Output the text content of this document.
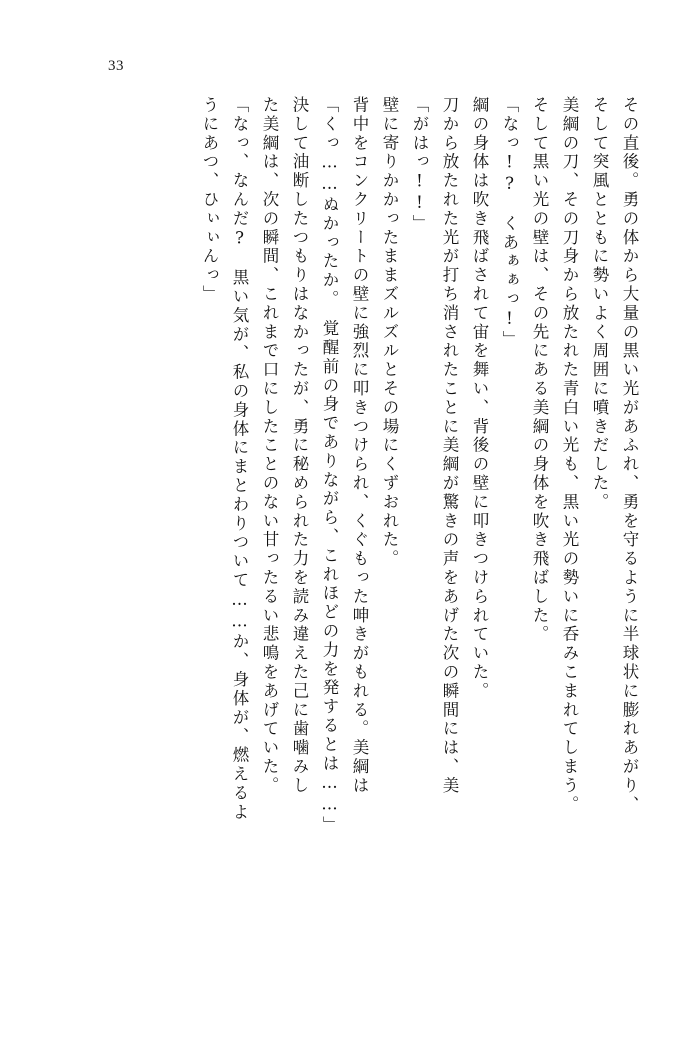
33
その直後。勇の体から大量の黒い光があふれ、勇を守るように半球状に膨れあがり、
そして突風とともに勢いよく周囲に噴きだした。
美綱の刀、その刀身から放たれた青白い光も、黒い光の勢いに呑みこまれてしまう。
そして黒い光の壁は、その先にある美綱の身体を吹き飛ばした。
「なっ!?　くあぁぁっ!」
綱の身体は吹き飛ばされて宙を舞い、背後の壁に叩きつけられていた。
刀から放たれた光が打ち消されたことに美綱が驚きの声をあげた次の瞬間には、美
「がはっ!!」
壁に寄りかかったままズルズルとその場にくずおれた。
背中をコンクリートの壁に強烈に叩きつけられ、くぐもった呻きがもれる。美綱は
「くっ……ぬかったか。　覚醒前の身でありながら、これほどの力を発するとは……」
決して油断したつもりはなかったが、勇に秘められた力を読み違えた己に歯噛みし
た美綱は、次の瞬間、これまで口にしたことのない甘ったるい悲鳴をあげていた。
「なっ、なんだ?　黒い気が、私の身体にまとわりついて……か、身体が、燃えるよ
うにあつ、ひぃぃんっ」
